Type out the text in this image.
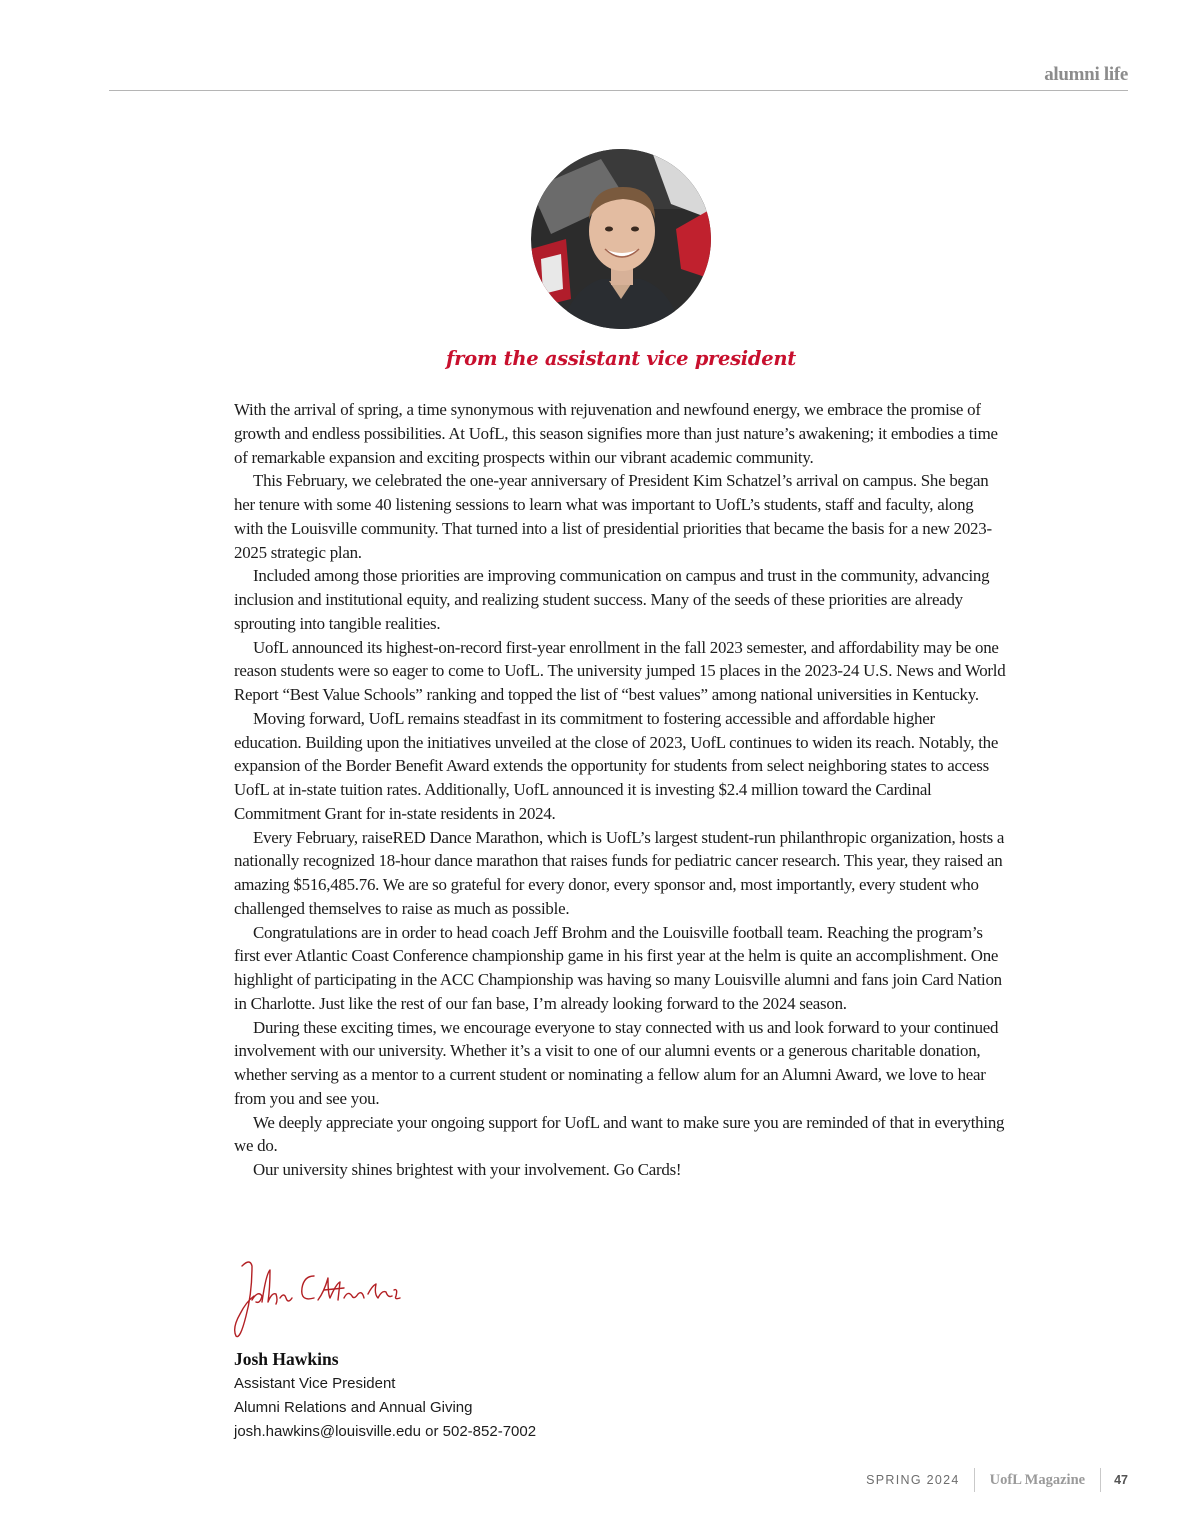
alumni life
from the assistant vice president

With the arrival of spring, a time synonymous with rejuvenation and newfound energy, we embrace the promise of growth and endless possibilities. At UofL, this season signifies more than just nature’s awakening; it embodies a time of remarkable expansion and exciting prospects within our vibrant academic community.

This February, we celebrated the one-year anniversary of President Kim Schatzel’s arrival on campus. She began her tenure with some 40 listening sessions to learn what was important to UofL’s students, staff and faculty, along with the Louisville community. That turned into a list of presidential priorities that became the basis for a new 2023-2025 strategic plan.

Included among those priorities are improving communication on campus and trust in the community, advancing inclusion and institutional equity, and realizing student success. Many of the seeds of these priorities are already sprouting into tangible realities.

UofL announced its highest-on-record first-year enrollment in the fall 2023 semester, and affordability may be one reason students were so eager to come to UofL. The university jumped 15 places in the 2023-24 U.S. News and World Report “Best Value Schools” ranking and topped the list of “best values” among national universities in Kentucky.

Moving forward, UofL remains steadfast in its commitment to fostering accessible and affordable higher education. Building upon the initiatives unveiled at the close of 2023, UofL continues to widen its reach. Notably, the expansion of the Border Benefit Award extends the opportunity for students from select neighboring states to access UofL at in-state tuition rates. Additionally, UofL announced it is investing $2.4 million toward the Cardinal Commitment Grant for in-state residents in 2024.

Every February, raiseRED Dance Marathon, which is UofL’s largest student-run philanthropic organization, hosts a nationally recognized 18-hour dance marathon that raises funds for pediatric cancer research. This year, they raised an amazing $516,485.76. We are so grateful for every donor, every sponsor and, most importantly, every student who challenged themselves to raise as much as possible.

Congratulations are in order to head coach Jeff Brohm and the Louisville football team. Reaching the program’s first ever Atlantic Coast Conference championship game in his first year at the helm is quite an accomplishment. One highlight of participating in the ACC Championship was having so many Louisville alumni and fans join Card Nation in Charlotte. Just like the rest of our fan base, I’m already looking forward to the 2024 season.

During these exciting times, we encourage everyone to stay connected with us and look forward to your continued involvement with our university. Whether it’s a visit to one of our alumni events or a generous charitable donation, whether serving as a mentor to a current student or nominating a fellow alum for an Alumni Award, we love to hear from you and see you.

We deeply appreciate your ongoing support for UofL and want to make sure you are reminded of that in everything we do.

Our university shines brightest with your involvement. Go Cards!

Josh Hawkins
Assistant Vice President
Alumni Relations and Annual Giving
josh.hawkins@louisville.edu or 502-852-7002
SPRING 2024	UofL Magazine	47
